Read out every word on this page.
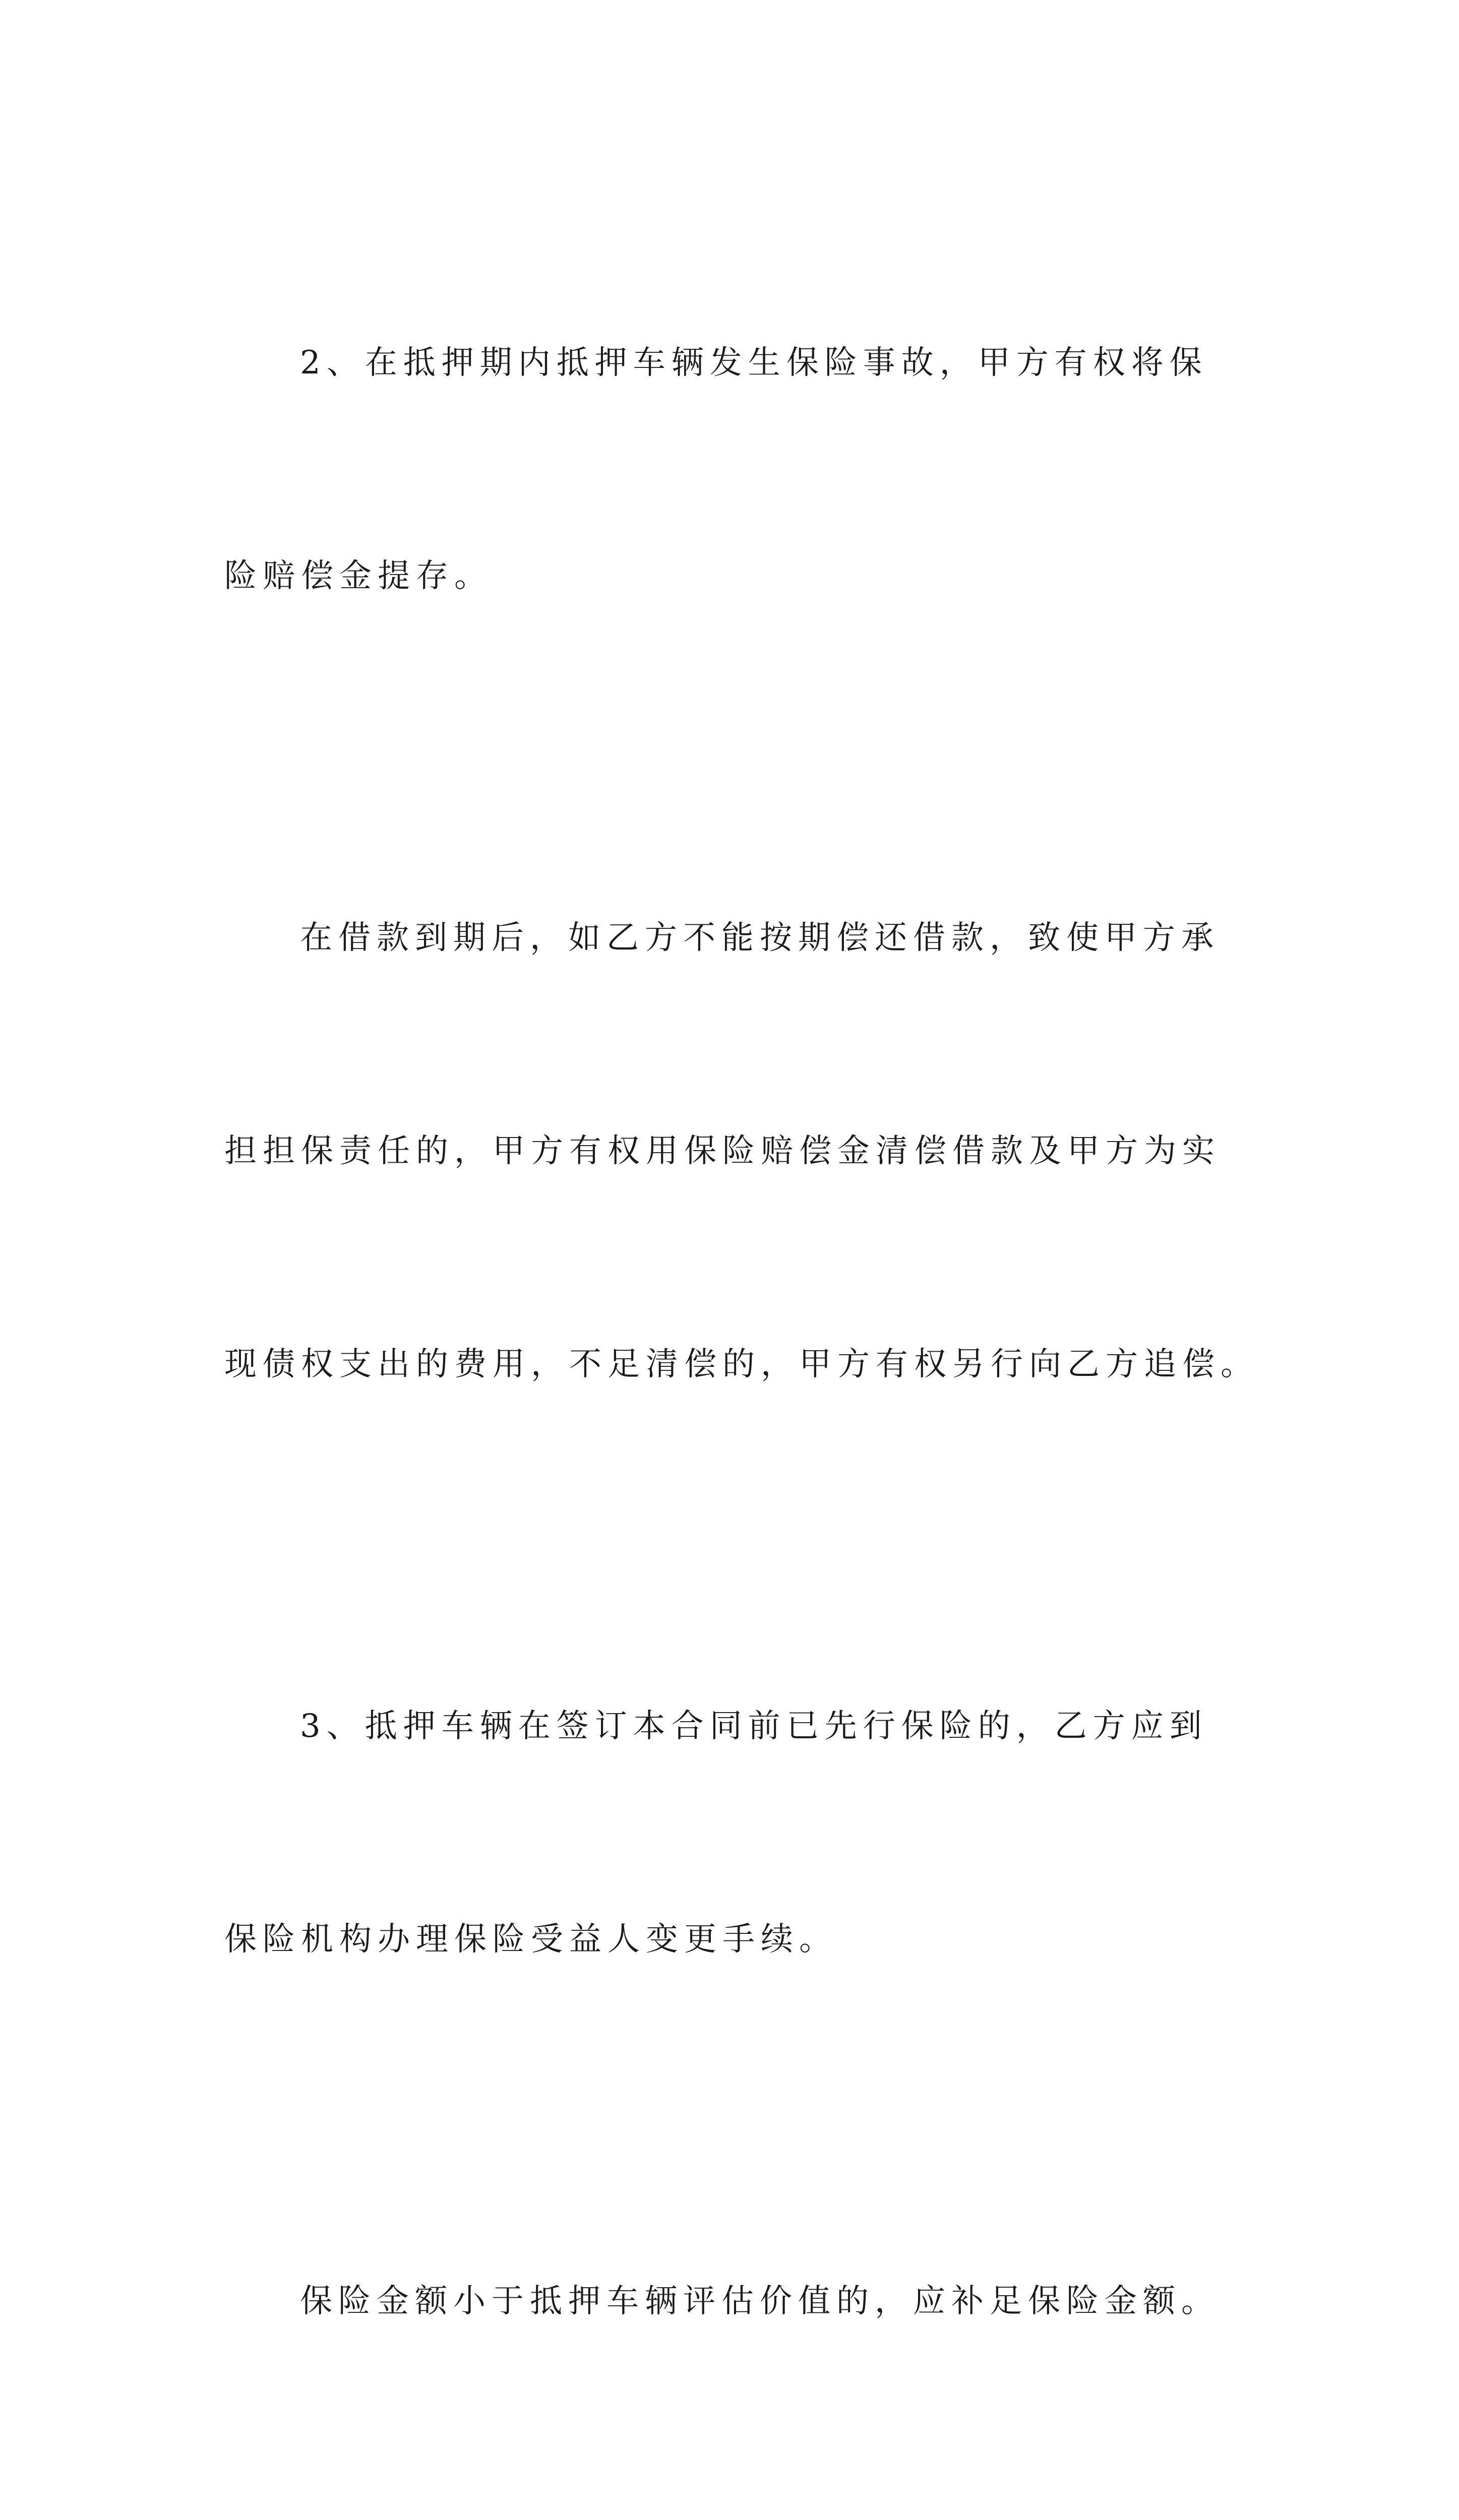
2、在抵押期内抵押车辆发生保险事故，甲方有权将保

险赔偿金提存。

在借款到期后，如乙方不能按期偿还借款，致使甲方承

担担保责任的，甲方有权用保险赔偿金清偿借款及甲方为实

现债权支出的费用，不足清偿的，甲方有权另行向乙方追偿。

3、抵押车辆在签订本合同前已先行保险的，乙方应到

保险机构办理保险受益人变更手续。

保险金额小于抵押车辆评估价值的，应补足保险金额。
